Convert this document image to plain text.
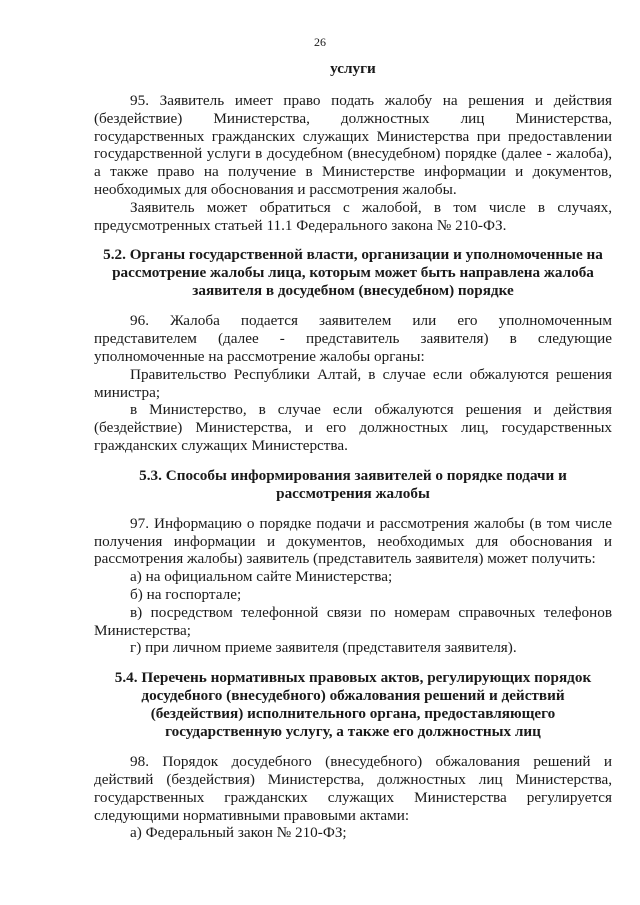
26
услуги

95. Заявитель имеет право подать жалобу на решения и действия

(бездействие) Министерства, должностных лиц Министерства,

государственных гражданских служащих Министерства при предоставлении

государственной услуги в досудебном (внесудебном) порядке (далее - жалоба),

а также право на получение в Министерстве информации и документов,

необходимых для обоснования и рассмотрения жалобы.

Заявитель может обратиться с жалобой, в том числе в случаях,

предусмотренных статьей 11.1 Федерального закона № 210-ФЗ.

5.2. Органы государственной власти, организации и уполномоченные на
рассмотрение жалобы лица, которым может быть направлена жалоба
заявителя в досудебном (внесудебном) порядке

96. Жалоба подается заявителем или его уполномоченным

представителем (далее - представитель заявителя) в следующие

уполномоченные на рассмотрение жалобы органы:

Правительство Республики Алтай, в случае если обжалуются решения

министра;

в Министерство, в случае если обжалуются решения и действия

(бездействие) Министерства, и его должностных лиц, государственных

гражданских служащих Министерства.

5.3. Способы информирования заявителей о порядке подачи и
рассмотрения жалобы

97. Информацию о порядке подачи и рассмотрения жалобы (в том числе

получения информации и документов, необходимых для обоснования и

рассмотрения жалобы) заявитель (представитель заявителя) может получить:

а) на официальном сайте Министерства;

б) на госпортале;

в) посредством телефонной связи по номерам справочных телефонов

Министерства;

г) при личном приеме заявителя (представителя заявителя).

5.4. Перечень нормативных правовых актов, регулирующих порядок
досудебного (внесудебного) обжалования решений и действий
(бездействия) исполнительного органа, предоставляющего
государственную услугу, а также его должностных лиц

98. Порядок досудебного (внесудебного) обжалования решений и

действий (бездействия) Министерства, должностных лиц Министерства,

государственных гражданских служащих Министерства регулируется

следующими нормативными правовыми актами:

а) Федеральный закон № 210-ФЗ;
